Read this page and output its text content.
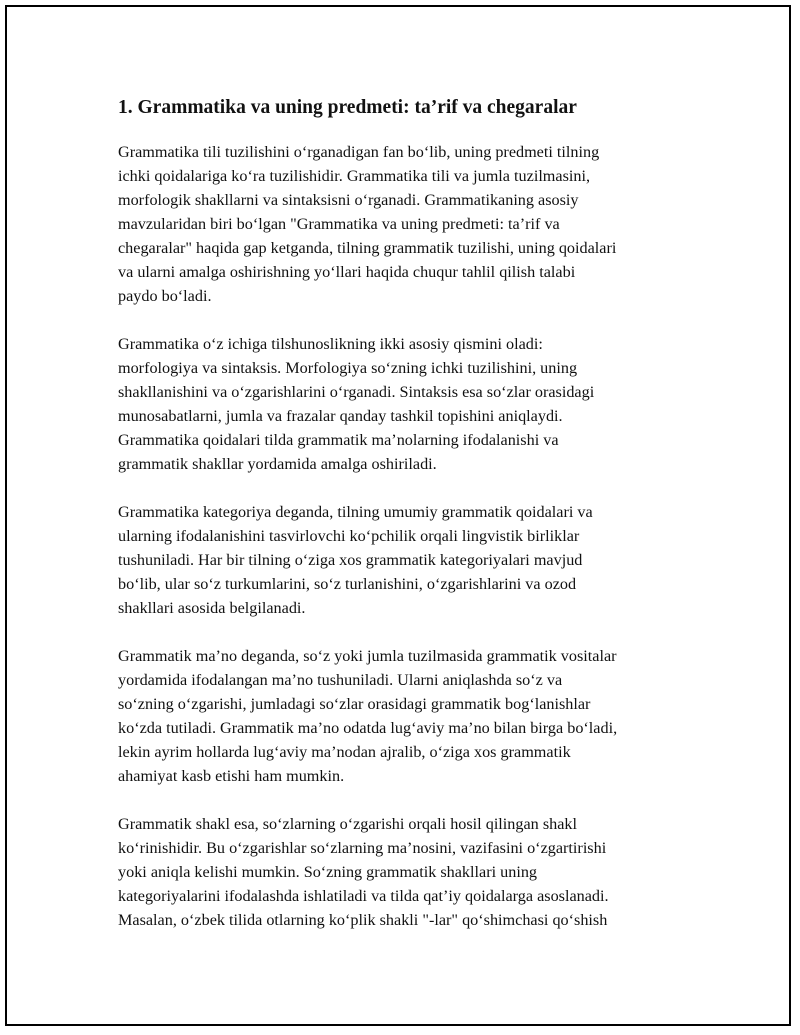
1. Grammatika va uning predmeti: ta’rif va chegaralar
Grammatika tili tuzilishini o‘rganadigan fan bo‘lib, uning predmeti tilning
ichki qoidalariga ko‘ra tuzilishidir. Grammatika tili va jumla tuzilmasini,
morfologik shakllarni va sintaksisni o‘rganadi. Grammatikaning asosiy
mavzularidan biri bo‘lgan "Grammatika va uning predmeti: ta’rif va
chegaralar" haqida gap ketganda, tilning grammatik tuzilishi, uning qoidalari
va ularni amalga oshirishning yo‘llari haqida chuqur tahlil qilish talabi
paydo bo‘ladi.
Grammatika o‘z ichiga tilshunoslikning ikki asosiy qismini oladi:
morfologiya va sintaksis. Morfologiya so‘zning ichki tuzilishini, uning
shakllanishini va o‘zgarishlarini o‘rganadi. Sintaksis esa so‘zlar orasidagi
munosabatlarni, jumla va frazalar qanday tashkil topishini aniqlaydi.
Grammatika qoidalari tilda grammatik ma’nolarning ifodalanishi va
grammatik shakllar yordamida amalga oshiriladi.
Grammatika kategoriya deganda, tilning umumiy grammatik qoidalari va
ularning ifodalanishini tasvirlovchi ko‘pchilik orqali lingvistik birliklar
tushuniladi. Har bir tilning o‘ziga xos grammatik kategoriyalari mavjud
bo‘lib, ular so‘z turkumlarini, so‘z turlanishini, o‘zgarishlarini va ozod
shakllari asosida belgilanadi.
Grammatik ma’no deganda, so‘z yoki jumla tuzilmasida grammatik vositalar
yordamida ifodalangan ma’no tushuniladi. Ularni aniqlashda so‘z va
so‘zning o‘zgarishi, jumladagi so‘zlar orasidagi grammatik bog‘lanishlar
ko‘zda tutiladi. Grammatik ma’no odatda lug‘aviy ma’no bilan birga bo‘ladi,
lekin ayrim hollarda lug‘aviy ma’nodan ajralib, o‘ziga xos grammatik
ahamiyat kasb etishi ham mumkin.
Grammatik shakl esa, so‘zlarning o‘zgarishi orqali hosil qilingan shakl
ko‘rinishidir. Bu o‘zgarishlar so‘zlarning ma’nosini, vazifasini o‘zgartirishi
yoki aniqla kelishi mumkin. So‘zning grammatik shakllari uning
kategoriyalarini ifodalashda ishlatiladi va tilda qat’iy qoidalarga asoslanadi.
Masalan, o‘zbek tilida otlarning ko‘plik shakli "-lar" qo‘shimchasi qo‘shish
